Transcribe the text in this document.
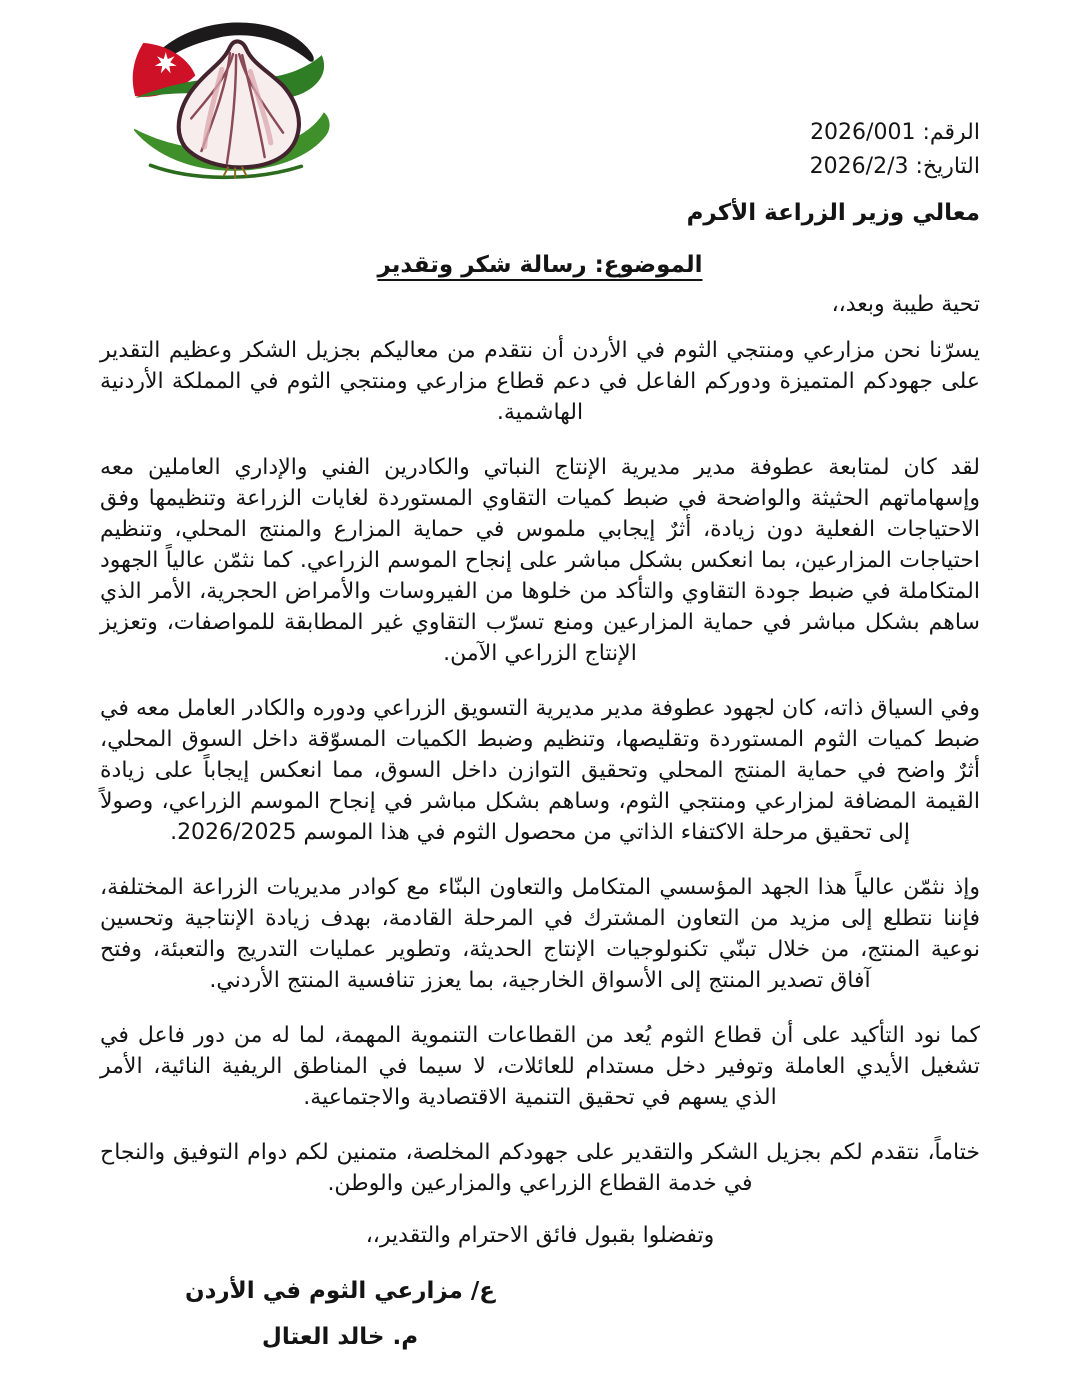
الرقم: 2026/001
التاريخ: 2026/2/3
معالي وزير الزراعة الأكرم
الموضوع: رسالة شكر وتقدير
تحية طيبة وبعد،،

يسرّنا نحن مزارعي ومنتجي الثوم في الأردن أن نتقدم من معاليكم بجزيل الشكر وعظيم التقدير على جهودكم المتميزة ودوركم الفاعل في دعم قطاع مزارعي ومنتجي الثوم في المملكة الأردنية الهاشمية.

لقد كان لمتابعة عطوفة مدير مديرية الإنتاج النباتي والكادرين الفني والإداري العاملين معه وإسهاماتهم الحثيثة والواضحة في ضبط كميات التقاوي المستوردة لغايات الزراعة وتنظيمها وفق الاحتياجات الفعلية دون زيادة، أثرٌ إيجابي ملموس في حماية المزارع والمنتج المحلي، وتنظيم احتياجات المزارعين، بما انعكس بشكل مباشر على إنجاح الموسم الزراعي. كما نثمّن عالياً الجهود المتكاملة في ضبط جودة التقاوي والتأكد من خلوها من الفيروسات والأمراض الحجرية، الأمر الذي ساهم بشكل مباشر في حماية المزارعين ومنع تسرّب التقاوي غير المطابقة للمواصفات، وتعزيز الإنتاج الزراعي الآمن.

وفي السياق ذاته، كان لجهود عطوفة مدير مديرية التسويق الزراعي ودوره والكادر العامل معه في ضبط كميات الثوم المستوردة وتقليصها، وتنظيم وضبط الكميات المسوّقة داخل السوق المحلي، أثرٌ واضح في حماية المنتج المحلي وتحقيق التوازن داخل السوق، مما انعكس إيجاباً على زيادة القيمة المضافة لمزارعي ومنتجي الثوم، وساهم بشكل مباشر في إنجاح الموسم الزراعي، وصولاً إلى تحقيق مرحلة الاكتفاء الذاتي من محصول الثوم في هذا الموسم 2026/2025.

وإذ نثمّن عالياً هذا الجهد المؤسسي المتكامل والتعاون البنّاء مع كوادر مديريات الزراعة المختلفة، فإننا نتطلع إلى مزيد من التعاون المشترك في المرحلة القادمة، بهدف زيادة الإنتاجية وتحسين نوعية المنتج، من خلال تبنّي تكنولوجيات الإنتاج الحديثة، وتطوير عمليات التدريج والتعبئة، وفتح آفاق تصدير المنتج إلى الأسواق الخارجية، بما يعزز تنافسية المنتج الأردني.

كما نود التأكيد على أن قطاع الثوم يُعد من القطاعات التنموية المهمة، لما له من دور فاعل في تشغيل الأيدي العاملة وتوفير دخل مستدام للعائلات، لا سيما في المناطق الريفية النائية، الأمر الذي يسهم في تحقيق التنمية الاقتصادية والاجتماعية.

ختاماً، نتقدم لكم بجزيل الشكر والتقدير على جهودكم المخلصة، متمنين لكم دوام التوفيق والنجاح في خدمة القطاع الزراعي والمزارعين والوطن.

وتفضلوا بقبول فائق الاحترام والتقدير،،
ع/ مزارعي الثوم في الأردن
م. خالد العتال
